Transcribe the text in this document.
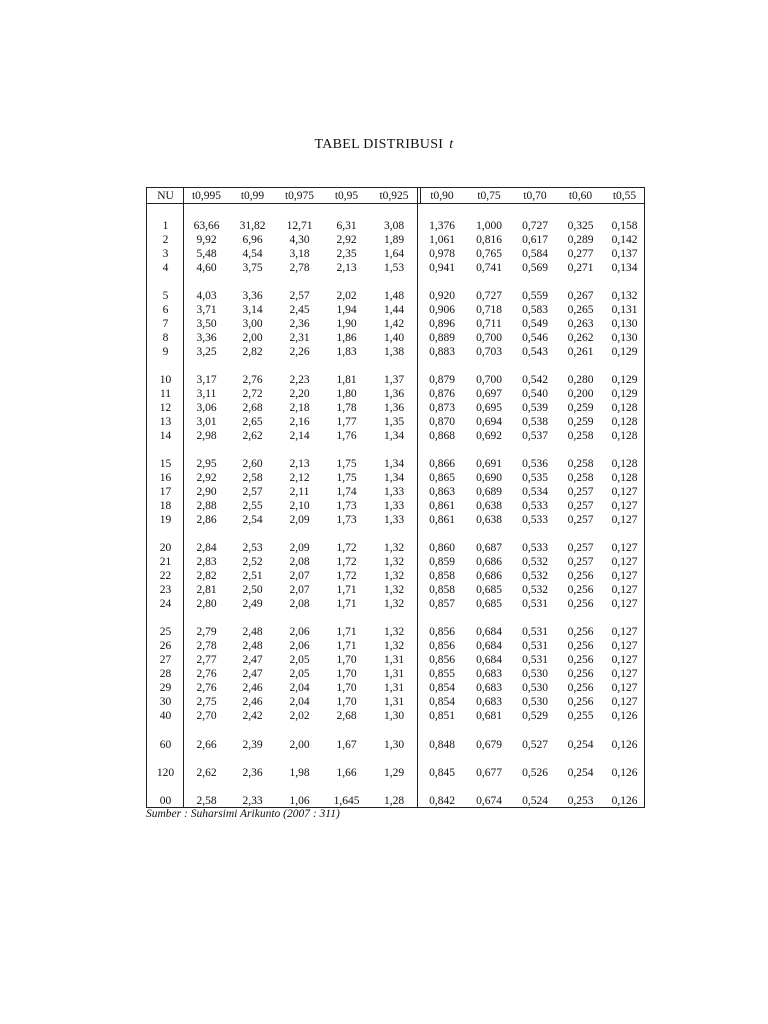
TABEL DISTRIBUSI t
NU	t0,995	t0,99	t0,975	t0,95	t0,925	t0,90	t0,75	t0,70	t0,60	t0,55
1	63,66	31,82	12,71	6,31	3,08	1,376	1,000	0,727	0,325	0,158
2	9,92	6,96	4,30	2,92	1,89	1,061	0,816	0,617	0,289	0,142
3	5,48	4,54	3,18	2,35	1,64	0,978	0,765	0,584	0,277	0,137
4	4,60	3,75	2,78	2,13	1,53	0,941	0,741	0,569	0,271	0,134
5	4,03	3,36	2,57	2,02	1,48	0,920	0,727	0,559	0,267	0,132
6	3,71	3,14	2,45	1,94	1,44	0,906	0,718	0,583	0,265	0,131
7	3,50	3,00	2,36	1,90	1,42	0,896	0,711	0,549	0,263	0,130
8	3,36	2,00	2,31	1,86	1,40	0,889	0,700	0,546	0,262	0,130
9	3,25	2,82	2,26	1,83	1,38	0,883	0,703	0,543	0,261	0,129
10	3,17	2,76	2,23	1,81	1,37	0,879	0,700	0,542	0,280	0,129
11	3,11	2,72	2,20	1,80	1,36	0,876	0,697	0,540	0,200	0,129
12	3,06	2,68	2,18	1,78	1,36	0,873	0,695	0,539	0,259	0,128
13	3,01	2,65	2,16	1,77	1,35	0,870	0,694	0,538	0,259	0,128
14	2,98	2,62	2,14	1,76	1,34	0,868	0,692	0,537	0,258	0,128
15	2,95	2,60	2,13	1,75	1,34	0,866	0,691	0,536	0,258	0,128
16	2,92	2,58	2,12	1,75	1,34	0,865	0,690	0,535	0,258	0,128
17	2,90	2,57	2,11	1,74	1,33	0,863	0,689	0,534	0,257	0,127
18	2,88	2,55	2,10	1,73	1,33	0,861	0,638	0,533	0,257	0,127
19	2,86	2,54	2,09	1,73	1,33	0,861	0,638	0,533	0,257	0,127
20	2,84	2,53	2,09	1,72	1,32	0,860	0,687	0,533	0,257	0,127
21	2,83	2,52	2,08	1,72	1,32	0,859	0,686	0,532	0,257	0,127
22	2,82	2,51	2,07	1,72	1,32	0,858	0,686	0,532	0,256	0,127
23	2,81	2,50	2,07	1,71	1,32	0,858	0,685	0,532	0,256	0,127
24	2,80	2,49	2,08	1,71	1,32	0,857	0,685	0,531	0,256	0,127
25	2,79	2,48	2,06	1,71	1,32	0,856	0,684	0,531	0,256	0,127
26	2,78	2,48	2,06	1,71	1,32	0,856	0,684	0,531	0,256	0,127
27	2,77	2,47	2,05	1,70	1,31	0,856	0,684	0,531	0,256	0,127
28	2,76	2,47	2,05	1,70	1,31	0,855	0,683	0,530	0,256	0,127
29	2,76	2,46	2,04	1,70	1,31	0,854	0,683	0,530	0,256	0,127
30	2,75	2,46	2,04	1,70	1,31	0,854	0,683	0,530	0,256	0,127
40	2,70	2,42	2,02	2,68	1,30	0,851	0,681	0,529	0,255	0,126
60	2,66	2,39	2,00	1,67	1,30	0,848	0,679	0,527	0,254	0,126
120	2,62	2,36	1,98	1,66	1,29	0,845	0,677	0,526	0,254	0,126
00	2,58	2,33	1,06	1,645	1,28	0,842	0,674	0,524	0,253	0,126
Sumber : Suharsimi Arikunto (2007 : 311)
